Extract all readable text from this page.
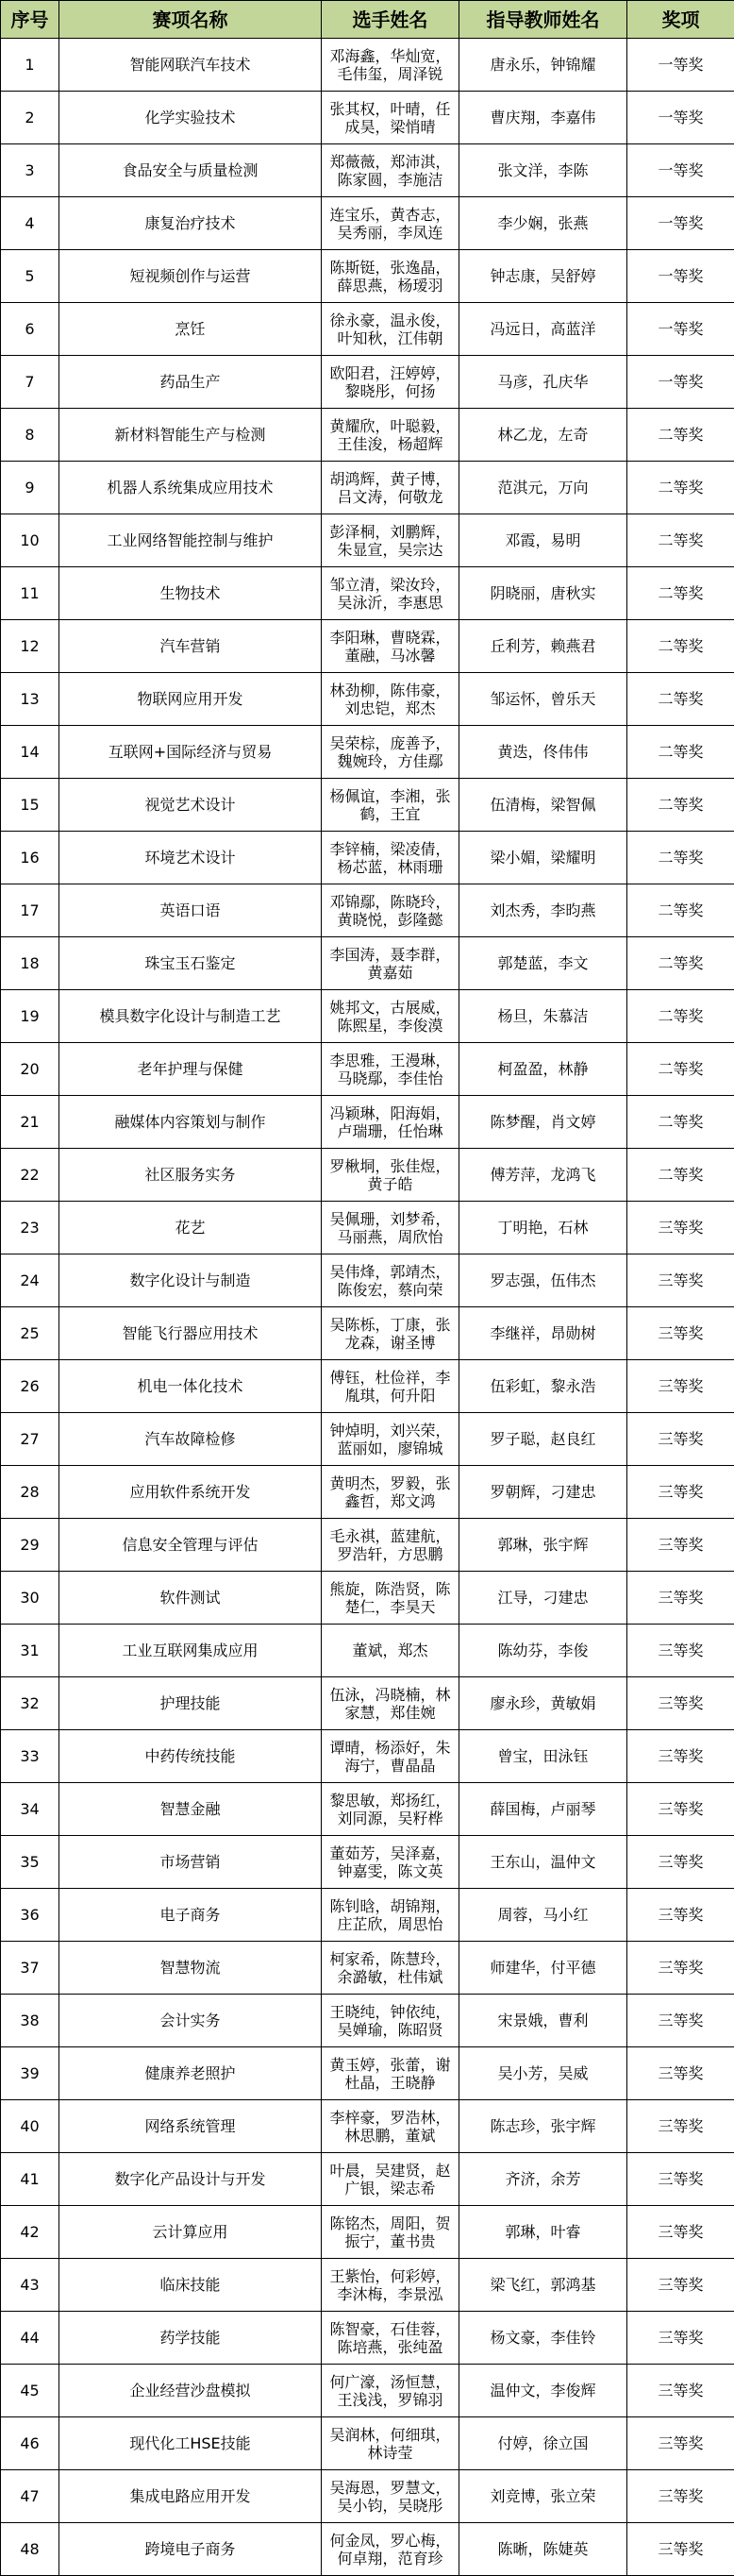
序号	赛项名称	选手姓名	指导教师姓名	奖项
1	智能网联汽车技术	邓海鑫，华灿宽，毛伟玺，周泽锐	唐永乐，钟锦耀	一等奖
2	化学实验技术	张其权，叶晴，任成昊，梁悄晴	曹庆翔，李嘉伟	一等奖
3	食品安全与质量检测	郑薇薇，郑沛淇，陈家圆，李施洁	张文洋，李陈	一等奖
4	康复治疗技术	连宝乐，黄杏志，吴秀丽，李凤连	李少娴，张燕	一等奖
5	短视频创作与运营	陈斯铤，张逸晶，薛思燕，杨瑷羽	钟志康，吴舒婷	一等奖
6	烹饪	徐永豪，温永俊，叶知秋，江伟朝	冯远日，高蓝洋	一等奖
7	药品生产	欧阳君，汪婷婷，黎晓彤，何扬	马彦，孔庆华	一等奖
8	新材料智能生产与检测	黄耀欣，叶聪毅，王佳浚，杨超辉	林乙龙，左奇	二等奖
9	机器人系统集成应用技术	胡鸿辉，黄子博，吕文涛，何敬龙	范淇元，万向	二等奖
10	工业网络智能控制与维护	彭泽桐，刘鹏辉，朱显宣，吴宗达	邓霞，易明	二等奖
11	生物技术	邹立清，梁汝玲，吴泳沂，李惠思	阴晓丽，唐秋实	二等奖
12	汽车营销	李阳琳，曹晓霖，董融，马冰馨	丘利芳，赖燕君	二等奖
13	物联网应用开发	林劲柳，陈伟豪，刘忠铠，郑杰	邹运怀，曾乐天	二等奖
14	互联网+国际经济与贸易	吴荣棕，庞善予，魏婉玲，方佳鄢	黄迭，佟伟伟	二等奖
15	视觉艺术设计	杨佩谊，李湘，张鹤，王宜	伍清梅，梁智佩	二等奖
16	环境艺术设计	李锌楠，梁凌倩，杨芯蓝，林雨珊	梁小媚，梁耀明	二等奖
17	英语口语	邓锦鄢，陈晓玲，黄晓悦，彭隆懿	刘杰秀，李昀燕	二等奖
18	珠宝玉石鉴定	李国涛，聂李群，黄嘉茹	郭楚蓝，李文	二等奖
19	模具数字化设计与制造工艺	姚邦文，古展威，陈熙星，李俊漠	杨旦，朱慕洁	二等奖
20	老年护理与保健	李思雅，王漫琳，马晓鄢，李佳怡	柯盈盈，林静	二等奖
21	融媒体内容策划与制作	冯颖琳，阳海娟，卢瑞珊，任怡琳	陈梦醒，肖文婷	二等奖
22	社区服务实务	罗楸垌，张佳煜，黄子皓	傅芳萍，龙鸿飞	二等奖
23	花艺	吴佩珊，刘梦希，马丽燕，周欣怡	丁明艳，石林	三等奖
24	数字化设计与制造	吴伟烽，郭靖杰，陈俊宏，蔡向荣	罗志强，伍伟杰	三等奖
25	智能飞行器应用技术	吴陈栎，丁康，张龙森，谢圣博	李继祥，昂勋树	三等奖
26	机电一体化技术	傅钰，杜俭祥，李胤琪，何升阳	伍彩虹，黎永浩	三等奖
27	汽车故障检修	钟焯明，刘兴荣，蓝丽如，廖锦城	罗子聪，赵良红	三等奖
28	应用软件系统开发	黄明杰，罗毅，张鑫哲，郑文鸿	罗朝辉，刁建忠	三等奖
29	信息安全管理与评估	毛永祺，蓝建航，罗浩轩，方思鹏	郭琳，张宇辉	三等奖
30	软件测试	熊旋，陈浩贤，陈楚仁，李昊天	江导，刁建忠	三等奖
31	工业互联网集成应用	董斌，郑杰	陈幼芬，李俊	三等奖
32	护理技能	伍泳，冯晓楠，林家慧，郑佳婉	廖永珍，黄敏娟	三等奖
33	中药传统技能	谭晴，杨添好，朱海宁，曹晶晶	曾宝，田泳钰	三等奖
34	智慧金融	黎思敏，郑扬红，刘同源，吴籽桦	薛国梅，卢丽琴	三等奖
35	市场营销	董茹芳，吴泽嘉，钟嘉雯，陈文英	王东山，温仲文	三等奖
36	电子商务	陈钊晗，胡锦翔，庄芷欣，周思怡	周蓉，马小红	三等奖
37	智慧物流	柯家希，陈慧玲，余潞敏，杜伟斌	师建华，付平德	三等奖
38	会计实务	王晓纯，钟依纯，吴婵瑜，陈昭贤	宋景娥，曹利	三等奖
39	健康养老照护	黄玉婷，张蕾，谢杜晶，王晓静	吴小芳，吴威	三等奖
40	网络系统管理	李梓豪，罗浩林，林思鹏，董斌	陈志珍，张宇辉	三等奖
41	数字化产品设计与开发	叶晨，吴建贤，赵广银，梁志希	齐济，余芳	三等奖
42	云计算应用	陈铭杰，周阳，贺振宁，董书贵	郭琳，叶睿	三等奖
43	临床技能	王紫怡，何彩婷，李沐梅，李景泓	梁飞红，郭鸿基	三等奖
44	药学技能	陈智豪，石佳蓉，陈培燕，张纯盈	杨文豪，李佳铃	三等奖
45	企业经营沙盘模拟	何广濠，汤恒慧，王浅浅，罗锦羽	温仲文，李俊辉	三等奖
46	现代化工HSE技能	吴润林，何细琪，林诗莹	付婷，徐立国	三等奖
47	集成电路应用开发	吴海恩，罗慧文，吴小钧，吴晓彤	刘竞博，张立荣	三等奖
48	跨境电子商务	何金凤，罗心梅，何卓翔，范育珍	陈晰，陈婕英	三等奖
